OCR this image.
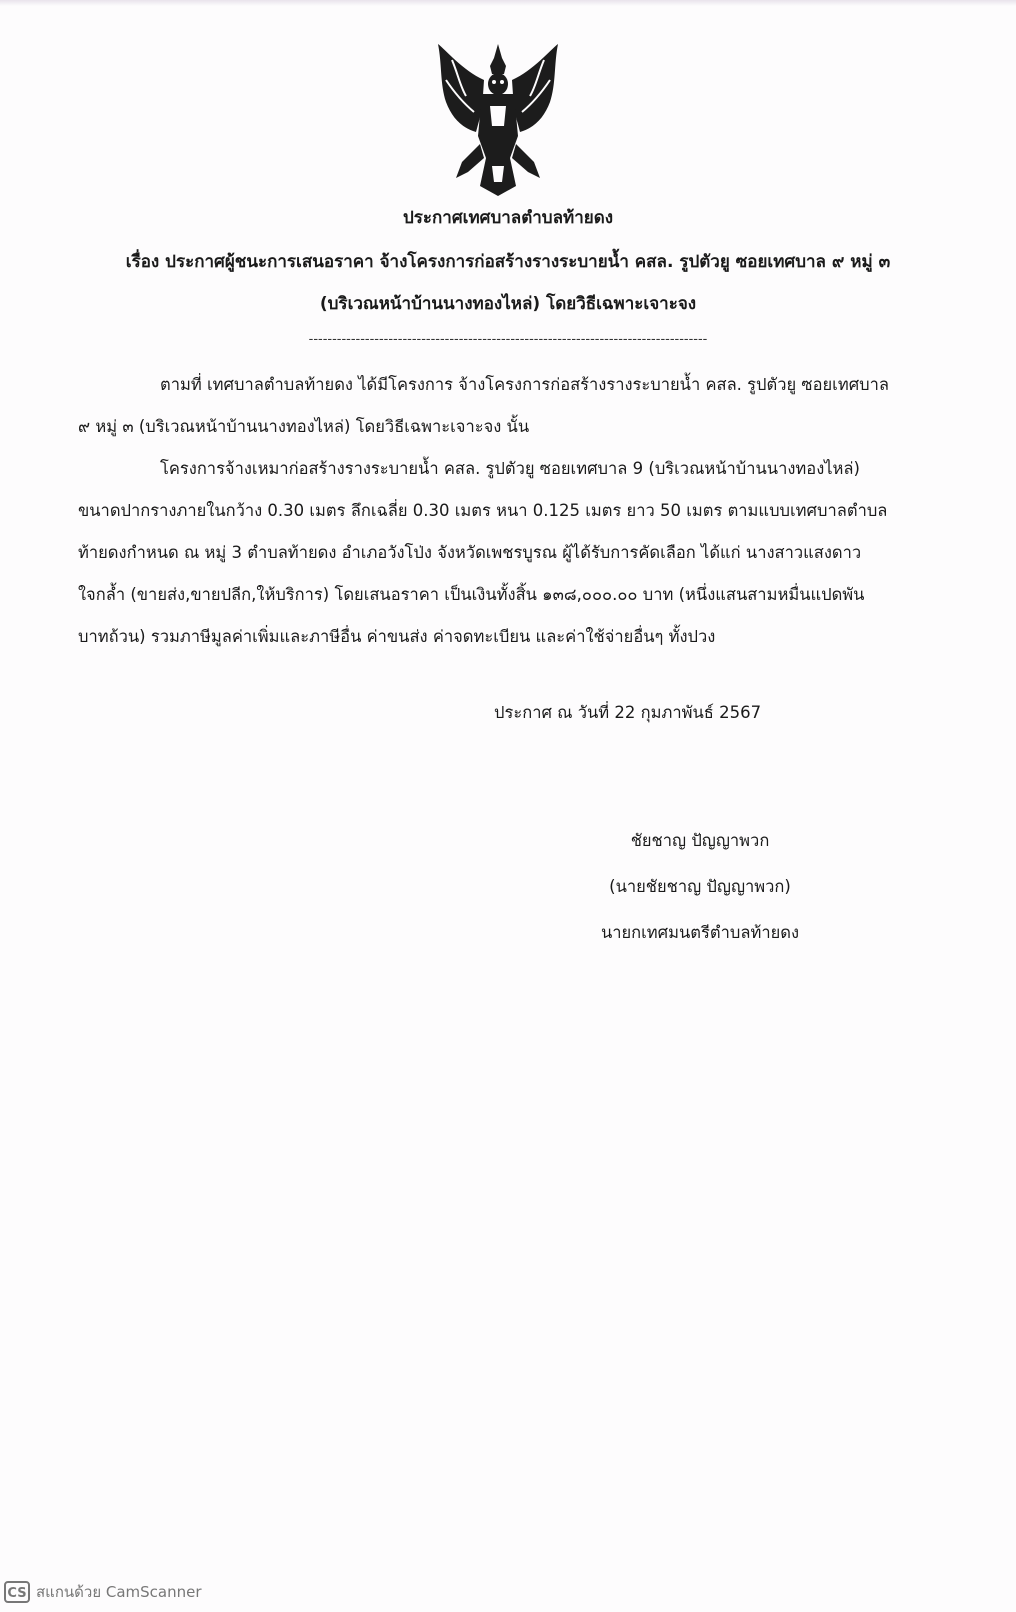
ประกาศเทศบาลตำบลท้ายดง
เรื่อง ประกาศผู้ชนะการเสนอราคา จ้างโครงการก่อสร้างรางระบายน้ำ คสล. รูปตัวยู ซอยเทศบาล ๙ หมู่ ๓
(บริเวณหน้าบ้านนางทองไหล่) โดยวิธีเฉพาะเจาะจง
-------------------------------------------------------------------------------------
ตามที่ เทศบาลตำบลท้ายดง ได้มีโครงการ จ้างโครงการก่อสร้างรางระบายน้ำ คสล. รูปตัวยู ซอยเทศบาล
๙ หมู่ ๓ (บริเวณหน้าบ้านนางทองไหล่) โดยวิธีเฉพาะเจาะจง นั้น
โครงการจ้างเหมาก่อสร้างรางระบายน้ำ คสล. รูปตัวยู ซอยเทศบาล 9 (บริเวณหน้าบ้านนางทองไหล่)
ขนาดปากรางภายในกว้าง 0.30 เมตร ลึกเฉลี่ย 0.30 เมตร หนา 0.125 เมตร ยาว 50 เมตร ตามแบบเทศบาลตำบล
ท้ายดงกำหนด ณ หมู่ 3 ตำบลท้ายดง อำเภอวังโป่ง จังหวัดเพชรบูรณ ผู้ได้รับการคัดเลือก ได้แก่ นางสาวแสงดาว
ใจกล้ำ (ขายส่ง,ขายปลีก,ให้บริการ) โดยเสนอราคา เป็นเงินทั้งสิ้น ๑๓๘,๐๐๐.๐๐ บาท (หนึ่งแสนสามหมื่นแปดพัน
บาทถ้วน) รวมภาษีมูลค่าเพิ่มและภาษีอื่น ค่าขนส่ง ค่าจดทะเบียน และค่าใช้จ่ายอื่นๆ ทั้งปวง
ประกาศ ณ วันที่ 22 กุมภาพันธ์ 2567
ชัยชาญ ปัญญาพวก
(นายชัยชาญ ปัญญาพวก)
นายกเทศมนตรีตำบลท้ายดง
CS สแกนด้วย CamScanner
